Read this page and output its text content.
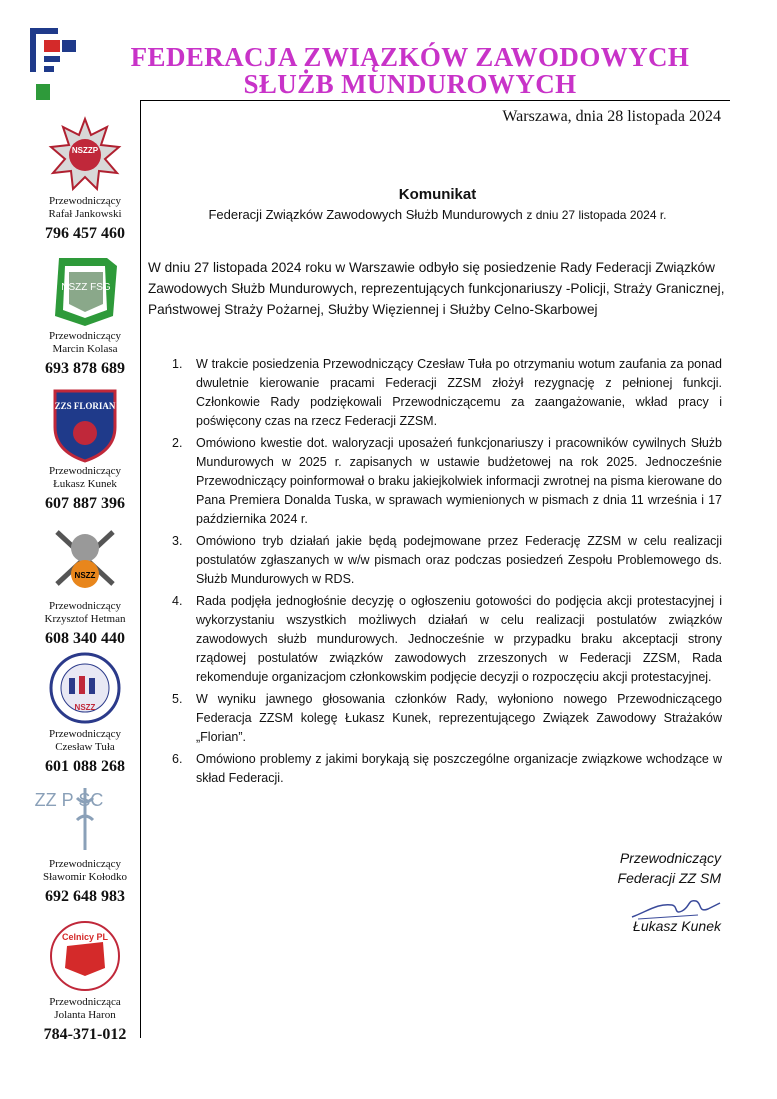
FEDERACJA ZWIĄZKÓW ZAWODOWYCH
SŁUŻB MUNDUROWYCH
NSZZP
Przewodniczący
Rafał Jankowski
796 457 460
NSZZ FSG
Przewodniczący
Marcin Kolasa
693 878 689
ZZS FLORIAN
Przewodniczący
Łukasz Kunek
607 887 396
NSZZ
Przewodniczący
Krzysztof Hetman
608 340 440
NSZZ
Przewodniczący
Czesław Tuła
601 088 268
ZZ P SC
Przewodniczący
Sławomir Kołodko
692 648 983
Celnicy PL
Przewodnicząca
Jolanta Haron
784-371-012
Warszawa, dnia 28 listopada 2024
Komunikat
Federacji Związków Zawodowych Służb Mundurowych z dniu 27 listopada 2024 r.
W dniu 27 listopada 2024 roku w Warszawie odbyło się posiedzenie Rady Federacji Związków Zawodowych Służb Mundurowych, reprezentujących funkcjonariuszy -Policji, Straży Granicznej, Państwowej Straży Pożarnej, Służby Więziennej i Służby Celno-Skarbowej
1. W trakcie posiedzenia Przewodniczący Czesław Tuła po otrzymaniu wotum zaufania za ponad dwuletnie kierowanie pracami Federacji ZZSM złożył rezygnację z pełnionej funkcji. Członkowie Rady podziękowali Przewodniczącemu za zaangażowanie, wkład pracy i poświęcony czas na rzecz Federacji ZZSM.
2. Omówiono kwestie dot. waloryzacji uposażeń funkcjonariuszy i pracowników cywilnych Służb Mundurowych w 2025 r. zapisanych w ustawie budżetowej na rok 2025. Jednocześnie Przewodniczący poinformował o braku jakiejkolwiek informacji zwrotnej na pisma kierowane do Pana Premiera Donalda Tuska, w sprawach wymienionych w pismach z dnia 11 września i 17 października 2024 r.
3. Omówiono tryb działań jakie będą podejmowane przez Federację ZZSM w celu realizacji postulatów zgłaszanych w w/w pismach oraz podczas posiedzeń Zespołu Problemowego ds. Służb Mundurowych w RDS.
4. Rada podjęła jednogłośnie decyzję o ogłoszeniu gotowości do podjęcia akcji protestacyjnej i wykorzystaniu wszystkich możliwych działań w celu realizacji postulatów związków zawodowych służb mundurowych. Jednocześnie w przypadku braku akceptacji strony rządowej postulatów związków zawodowych zrzeszonych w Federacji ZZSM, Rada rekomenduje organizacjom członkowskim podjęcie decyzji o rozpoczęciu akcji protestacyjnej.
5. W wyniku jawnego głosowania członków Rady, wyłoniono nowego Przewodniczącego Federacja ZZSM kolegę Łukasz Kunek, reprezentującego Związek Zawodowy Strażaków „Florian”.
6. Omówiono problemy z jakimi borykają się poszczególne organizacje związkowe wchodzące w skład Federacji.
Przewodniczący
Federacji ZZ SM
Łukasz Kunek
